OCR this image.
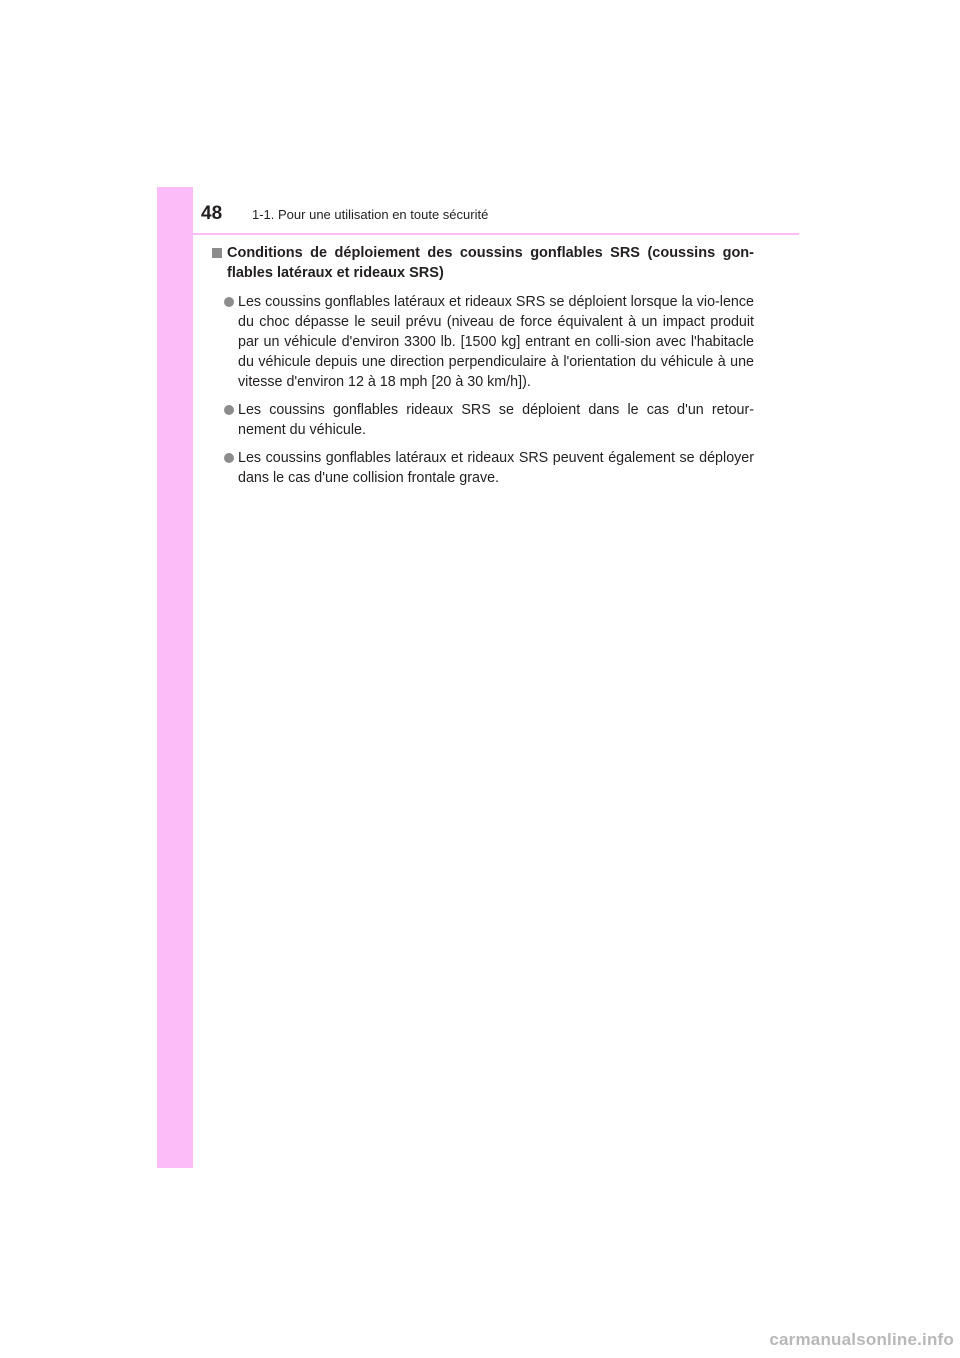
48 1-1. Pour une utilisation en toute sécurité
Conditions de déploiement des coussins gonflables SRS (coussins gon-flables latéraux et rideaux SRS)
Les coussins gonflables latéraux et rideaux SRS se déploient lorsque la vio-lence du choc dépasse le seuil prévu (niveau de force équivalent à un impact produit par un véhicule d'environ 3300 lb. [1500 kg] entrant en colli-sion avec l'habitacle du véhicule depuis une direction perpendiculaire à l'orientation du véhicule à une vitesse d'environ 12 à 18 mph [20 à 30 km/h]).
Les coussins gonflables rideaux SRS se déploient dans le cas d'un retour-nement du véhicule.
Les coussins gonflables latéraux et rideaux SRS peuvent également se déployer dans le cas d'une collision frontale grave.
carmanualsonline.info
